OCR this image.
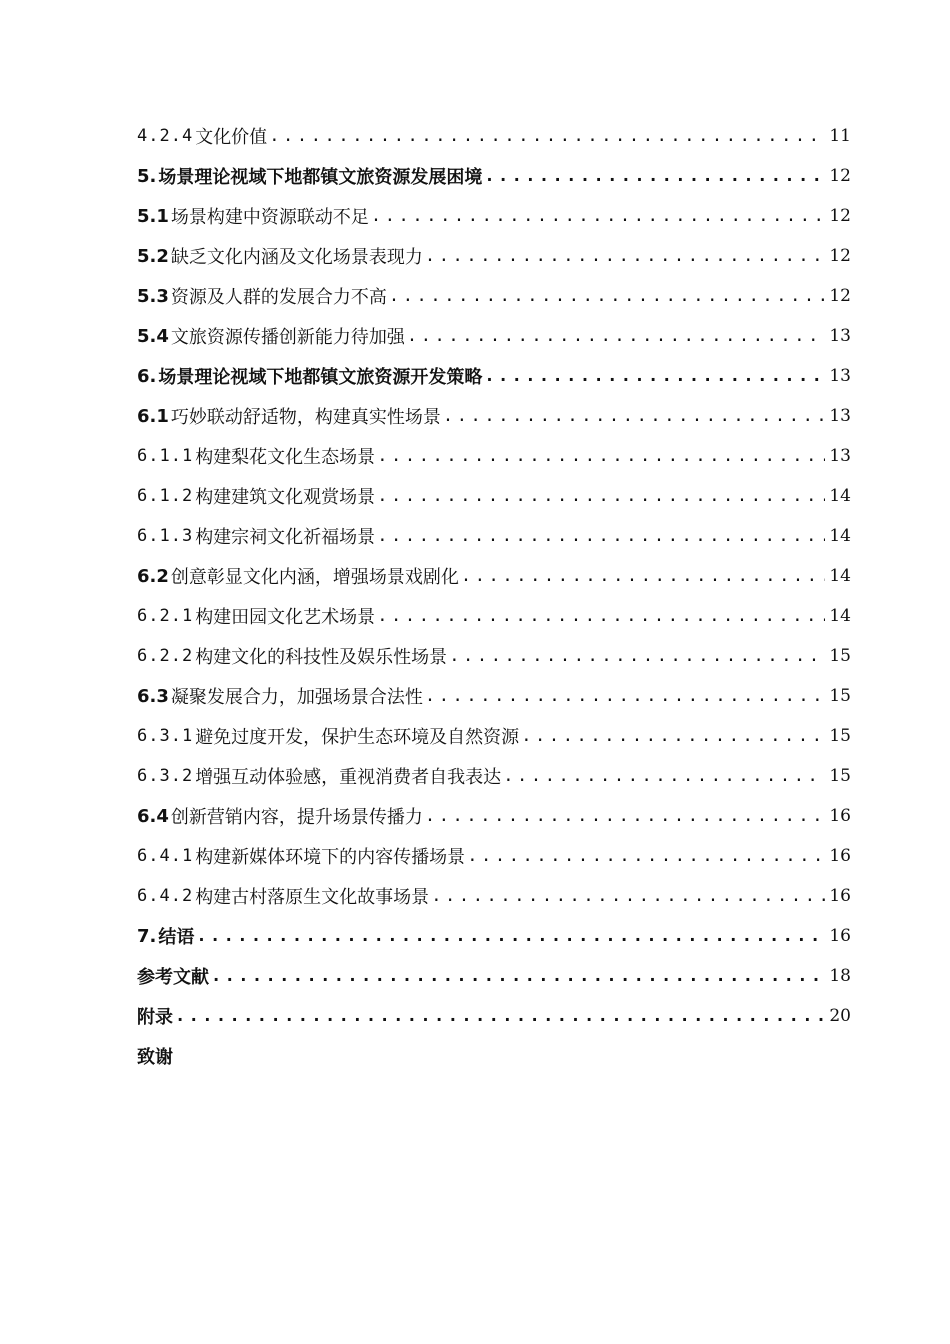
4.2.4 文化价值 .....	11
5. 场景理论视域下地都镇文旅资源发展困境 .....	12
5.1 场景构建中资源联动不足 .....	12
5.2 缺乏文化内涵及文化场景表现力 .....	12
5.3 资源及人群的发展合力不高 .....	12
5.4 文旅资源传播创新能力待加强 .....	13
6. 场景理论视域下地都镇文旅资源开发策略 .....	13
6.1 巧妙联动舒适物，构建真实性场景 .....	13
6.1.1 构建梨花文化生态场景 .....	13
6.1.2 构建建筑文化观赏场景 .....	14
6.1.3 构建宗祠文化祈福场景 .....	14
6.2 创意彰显文化内涵，增强场景戏剧化 .....	14
6.2.1 构建田园文化艺术场景 .....	14
6.2.2 构建文化的科技性及娱乐性场景 .....	15
6.3 凝聚发展合力，加强场景合法性 .....	15
6.3.1 避免过度开发，保护生态环境及自然资源 .....	15
6.3.2 增强互动体验感，重视消费者自我表达 .....	15
6.4 创新营销内容，提升场景传播力 .....	16
6.4.1 构建新媒体环境下的内容传播场景 .....	16
6.4.2 构建古村落原生文化故事场景 .....	16
7. 结语 .....	16
参考文献 .....	18
附录 .....	20
致谢
